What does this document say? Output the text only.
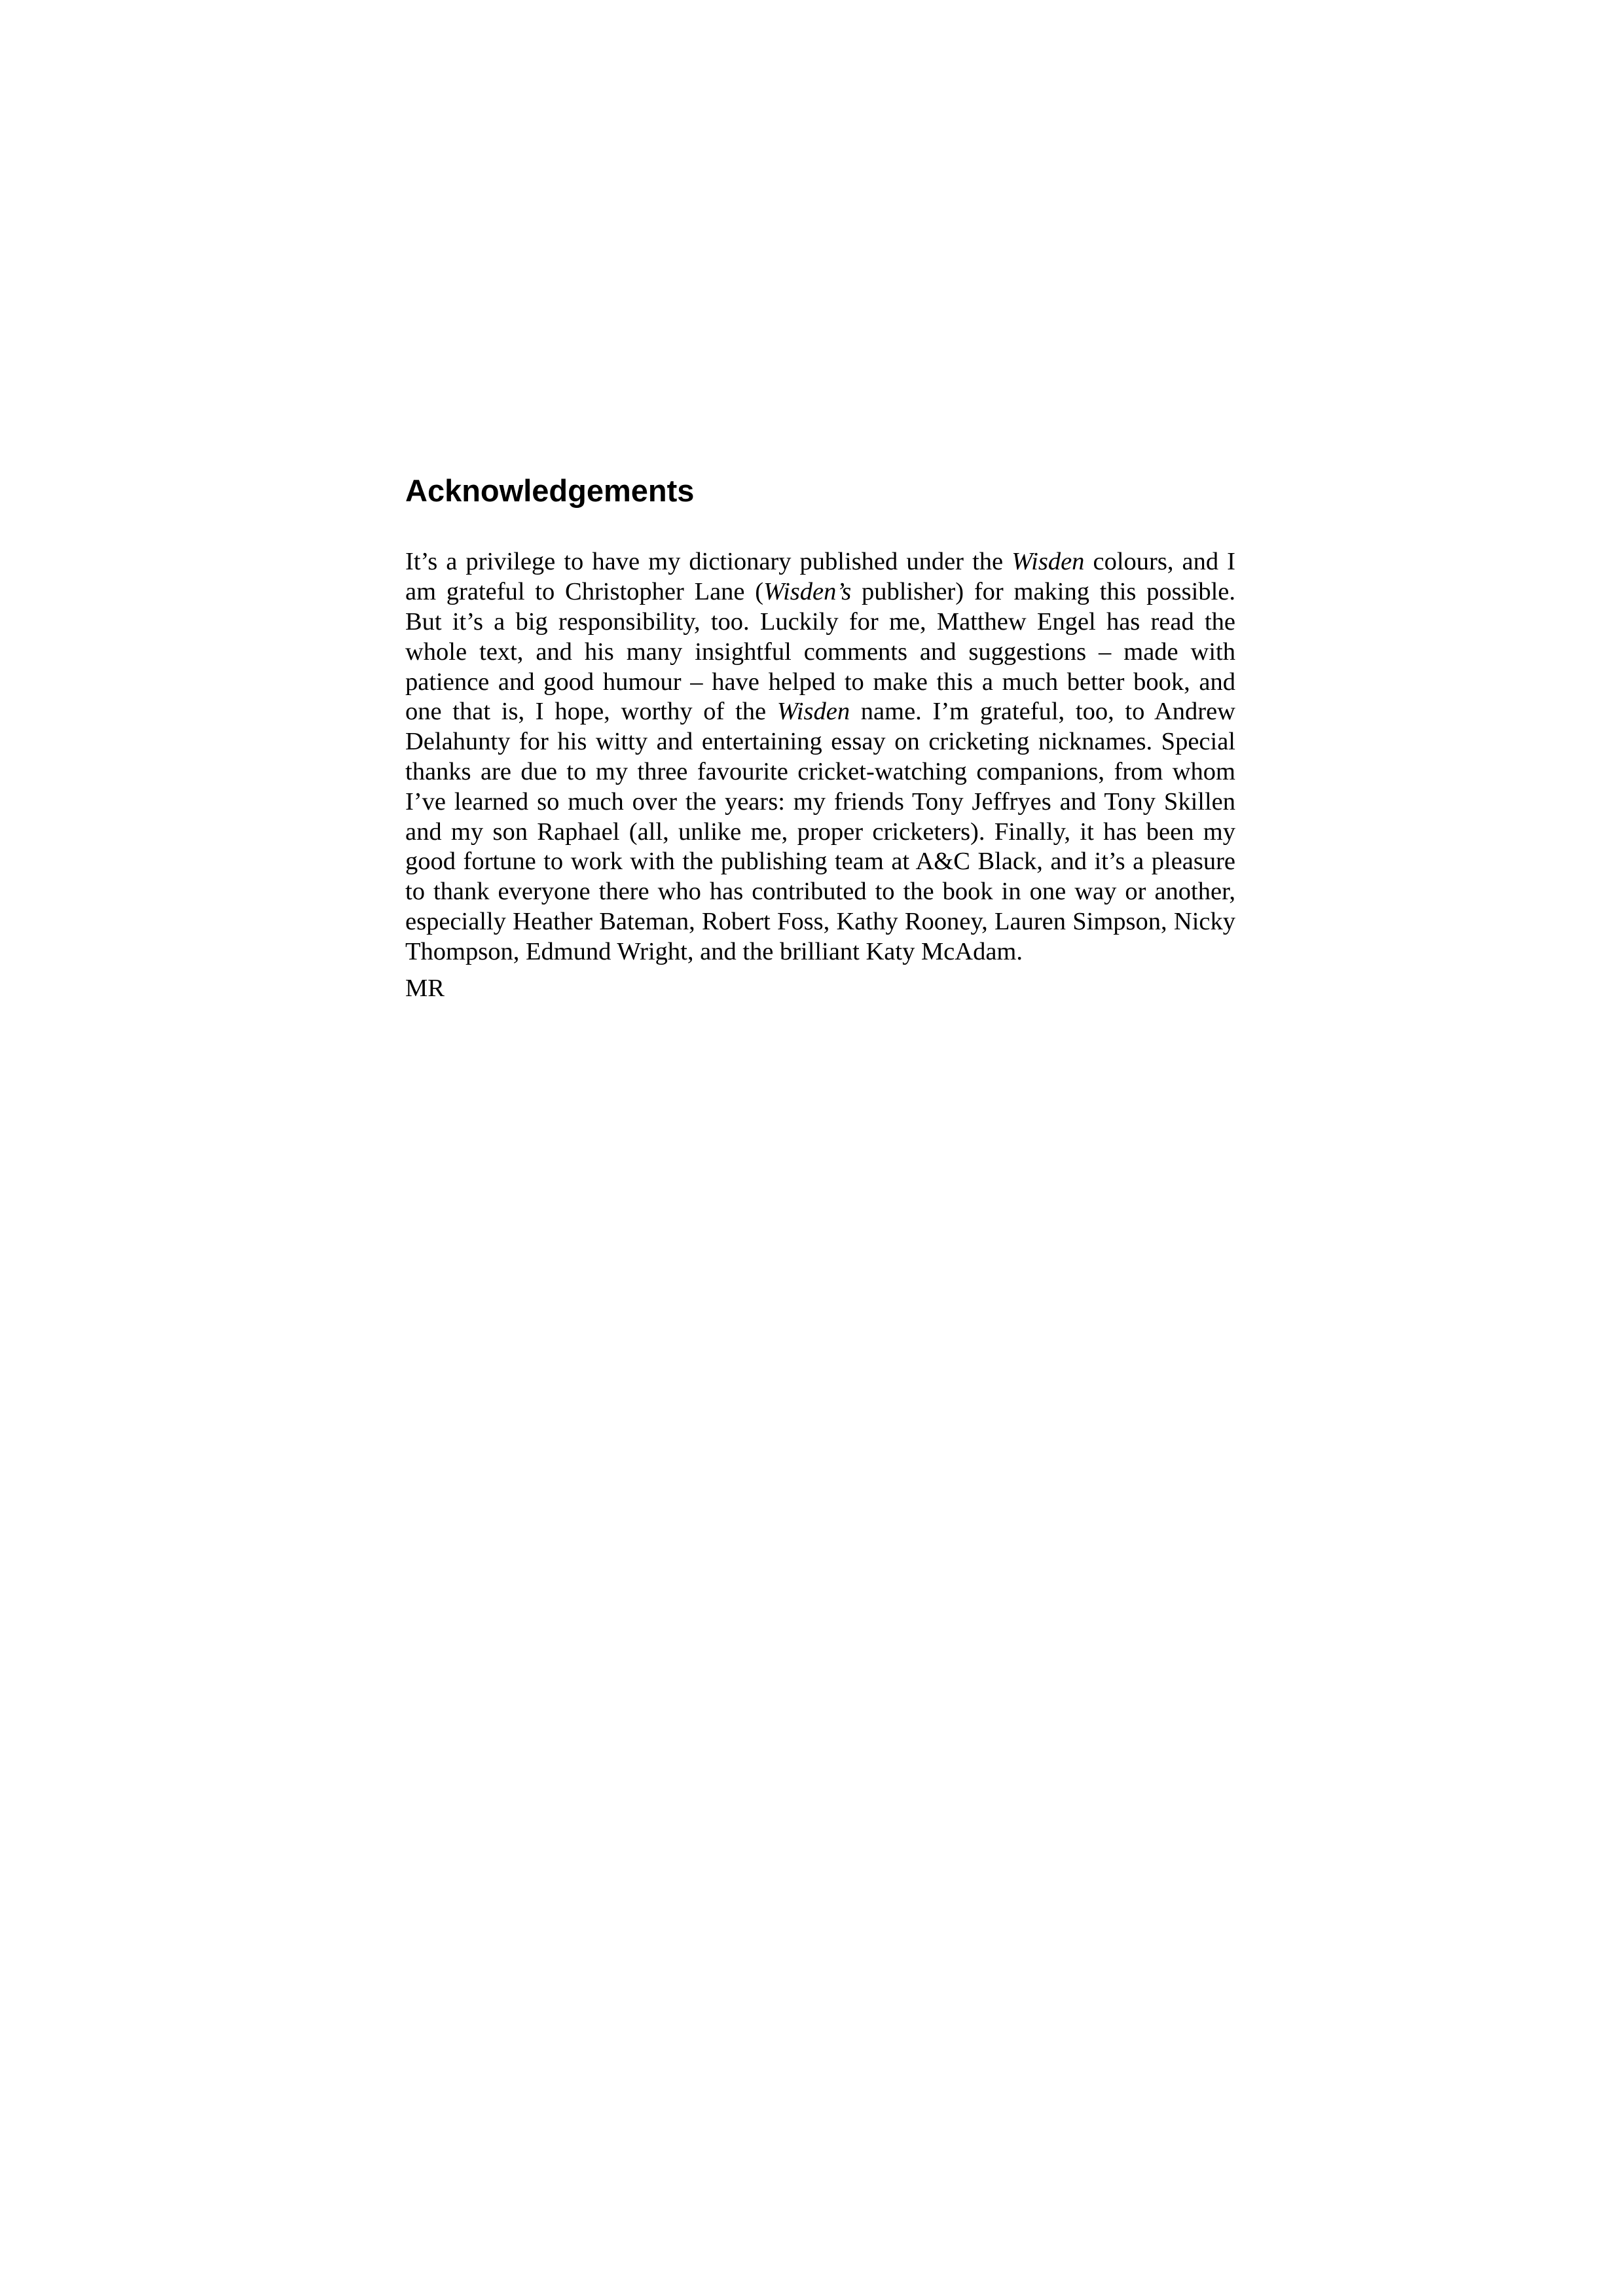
Acknowledgements

It’s a privilege to have my dictionary published under the Wisden colours, and I am grateful to Christopher Lane (Wisden’s publisher) for making this possible. But it’s a big responsibility, too. Luckily for me, Matthew Engel has read the whole text, and his many insightful comments and suggestions – made with patience and good humour – have helped to make this a much better book, and one that is, I hope, worthy of the Wisden name. I’m grateful, too, to Andrew Delahunty for his witty and entertaining essay on cricketing nicknames. Special thanks are due to my three favourite cricket-watching companions, from whom I’ve learned so much over the years: my friends Tony Jeffryes and Tony Skillen and my son Raphael (all, unlike me, proper cricketers). Finally, it has been my good fortune to work with the publishing team at A&C Black, and it’s a pleasure to thank everyone there who has contributed to the book in one way or another, especially Heather Bateman, Robert Foss, Kathy Rooney, Lauren Simpson, Nicky Thompson, Edmund Wright, and the brilliant Katy McAdam.

MR
